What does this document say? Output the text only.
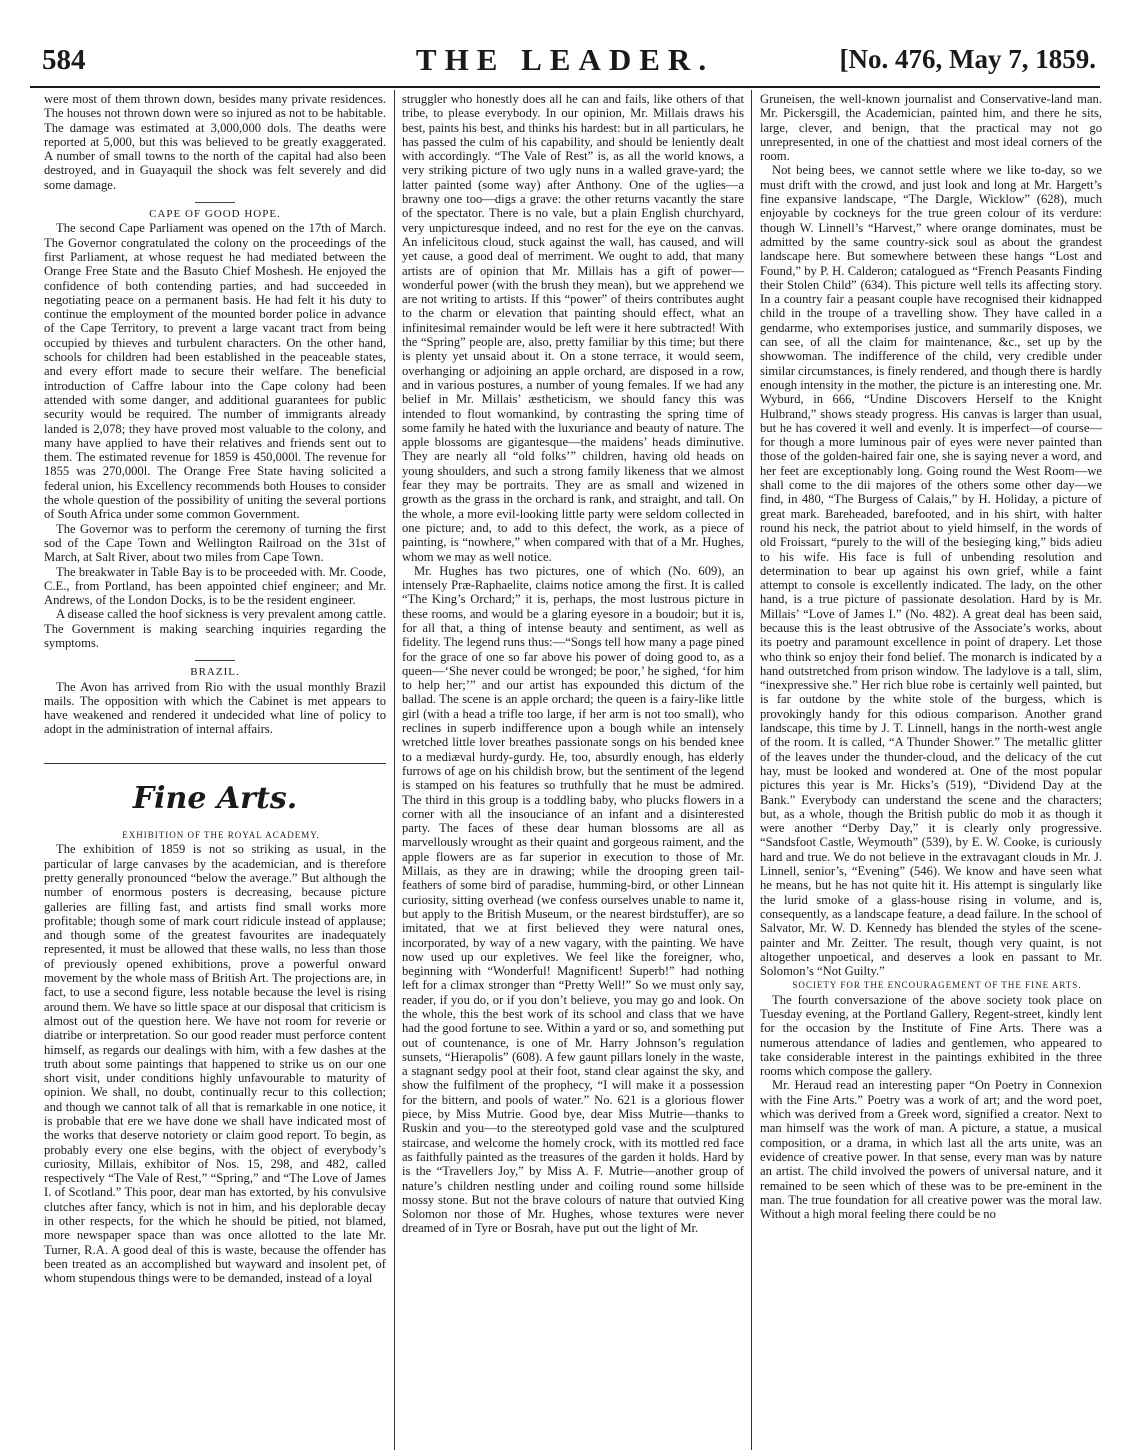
584	THE LEADER.	[No. 476, May 7, 1859.

were most of them thrown down, besides many private residences. The houses not thrown down were so injured as not to be habitable. The damage was estimated at 3,000,000 dols. The deaths were reported at 5,000, but this was believed to be greatly exaggerated. A number of small towns to the north of the capital had also been destroyed, and in Guayaquil the shock was felt severely and did some damage.

CAPE OF GOOD HOPE.

The second Cape Parliament was opened on the 17th of March. The Governor congratulated the colony on the proceedings of the first Parliament, at whose request he had mediated between the Orange Free State and the Basuto Chief Moshesh. He enjoyed the confidence of both contending parties, and had succeeded in negotiating peace on a permanent basis. He had felt it his duty to continue the employment of the mounted border police in advance of the Cape Territory, to prevent a large vacant tract from being occupied by thieves and turbulent characters. On the other hand, schools for children had been established in the peaceable states, and every effort made to secure their welfare. The beneficial introduction of Caffre labour into the Cape colony had been attended with some danger, and additional guarantees for public security would be required. The number of immigrants already landed is 2,078; they have proved most valuable to the colony, and many have applied to have their relatives and friends sent out to them. The estimated revenue for 1859 is 450,000l. The revenue for 1855 was 270,000l. The Orange Free State having solicited a federal union, his Excellency recommends both Houses to consider the whole question of the possibility of uniting the several portions of South Africa under some common Government.

The Governor was to perform the ceremony of turning the first sod of the Cape Town and Wellington Railroad on the 31st of March, at Salt River, about two miles from Cape Town.

The breakwater in Table Bay is to be proceeded with. Mr. Coode, C.E., from Portland, has been appointed chief engineer; and Mr. Andrews, of the London Docks, is to be the resident engineer.

A disease called the hoof sickness is very prevalent among cattle. The Government is making searching inquiries regarding the symptoms.

BRAZIL.

The Avon has arrived from Rio with the usual monthly Brazil mails. The opposition with which the Cabinet is met appears to have weakened and rendered it undecided what line of policy to adopt in the administration of internal affairs.

Fine Arts.

EXHIBITION OF THE ROYAL ACADEMY.

The exhibition of 1859 is not so striking as usual, in the particular of large canvases by the academician, and is therefore pretty generally pronounced “below the average.” But although the number of enormous posters is decreasing, because picture galleries are filling fast, and artists find small works more profitable; though some of mark court ridicule instead of applause; and though some of the greatest favourites are inadequately represented, it must be allowed that these walls, no less than those of previously opened exhibitions, prove a powerful onward movement by the whole mass of British Art. The projections are, in fact, to use a second figure, less notable because the level is rising around them. We have so little space at our disposal that criticism is almost out of the question here. We have not room for reverie or diatribe or interpretation. So our good reader must perforce content himself, as regards our dealings with him, with a few dashes at the truth about some paintings that happened to strike us on our one short visit, under conditions highly unfavourable to maturity of opinion. We shall, no doubt, continually recur to this collection; and though we cannot talk of all that is remarkable in one notice, it is probable that ere we have done we shall have indicated most of the works that deserve notoriety or claim good report. To begin, as probably every one else begins, with the object of everybody’s curiosity, Millais, exhibitor of Nos. 15, 298, and 482, called respectively “The Vale of Rest,” “Spring,” and “The Love of James I. of Scotland.” This poor, dear man has extorted, by his convulsive clutches after fancy, which is not in him, and his deplorable decay in other respects, for the which he should be pitied, not blamed, more newspaper space than was once allotted to the late Mr. Turner, R.A. A good deal of this is waste, because the offender has been treated as an accomplished but wayward and insolent pet, of whom stupendous things were to be demanded, instead of a loyal

struggler who honestly does all he can and fails, like others of that tribe, to please everybody. In our opinion, Mr. Millais draws his best, paints his best, and thinks his hardest: but in all particulars, he has passed the culm of his capability, and should be leniently dealt with accordingly. “The Vale of Rest” is, as all the world knows, a very striking picture of two ugly nuns in a walled grave-yard; the latter painted (some way) after Anthony. One of the uglies—a brawny one too—digs a grave: the other returns vacantly the stare of the spectator. There is no vale, but a plain English churchyard, very unpicturesque indeed, and no rest for the eye on the canvas. An infelicitous cloud, stuck against the wall, has caused, and will yet cause, a good deal of merriment. We ought to add, that many artists are of opinion that Mr. Millais has a gift of power—wonderful power (with the brush they mean), but we apprehend we are not writing to artists. If this “power” of theirs contributes aught to the charm or elevation that painting should effect, what an infinitesimal remainder would be left were it here subtracted! With the “Spring” people are, also, pretty familiar by this time; but there is plenty yet unsaid about it. On a stone terrace, it would seem, overhanging or adjoining an apple orchard, are disposed in a row, and in various postures, a number of young females. If we had any belief in Mr. Millais’ æstheticism, we should fancy this was intended to flout womankind, by contrasting the spring time of some family he hated with the luxuriance and beauty of nature. The apple blossoms are gigantesque—the maidens’ heads diminutive. They are nearly all “old folks’” children, having old heads on young shoulders, and such a strong family likeness that we almost fear they may be portraits. They are as small and wizened in growth as the grass in the orchard is rank, and straight, and tall. On the whole, a more evil-looking little party were seldom collected in one picture; and, to add to this defect, the work, as a piece of painting, is “nowhere,” when compared with that of a Mr. Hughes, whom we may as well notice.

Mr. Hughes has two pictures, one of which (No. 609), an intensely Præ-Raphaelite, claims notice among the first. It is called “The King’s Orchard;” it is, perhaps, the most lustrous picture in these rooms, and would be a glaring eyesore in a boudoir; but it is, for all that, a thing of intense beauty and sentiment, as well as fidelity. The legend runs thus:—“Songs tell how many a page pined for the grace of one so far above his power of doing good to, as a queen—‘She never could be wronged; be poor,’ he sighed, ‘for him to help her;’” and our artist has expounded this dictum of the ballad. The scene is an apple orchard; the queen is a fairy-like little girl (with a head a trifle too large, if her arm is not too small), who reclines in superb indifference upon a bough while an intensely wretched little lover breathes passionate songs on his bended knee to a mediæval hurdy-gurdy. He, too, absurdly enough, has elderly furrows of age on his childish brow, but the sentiment of the legend is stamped on his features so truthfully that he must be admired. The third in this group is a toddling baby, who plucks flowers in a corner with all the insouciance of an infant and a disinterested party. The faces of these dear human blossoms are all as marvellously wrought as their quaint and gorgeous raiment, and the apple flowers are as far superior in execution to those of Mr. Millais, as they are in drawing; while the drooping green tail-feathers of some bird of paradise, humming-bird, or other Linnean curiosity, sitting overhead (we confess ourselves unable to name it, but apply to the British Museum, or the nearest birdstuffer), are so imitated, that we at first believed they were natural ones, incorporated, by way of a new vagary, with the painting. We have now used up our expletives. We feel like the foreigner, who, beginning with “Wonderful! Magnificent! Superb!” had nothing left for a climax stronger than “Pretty Well!” So we must only say, reader, if you do, or if you don’t believe, you may go and look. On the whole, this the best work of its school and class that we have had the good fortune to see. Within a yard or so, and something put out of countenance, is one of Mr. Harry Johnson’s regulation sunsets, “Hierapolis” (608). A few gaunt pillars lonely in the waste, a stagnant sedgy pool at their foot, stand clear against the sky, and show the fulfilment of the prophecy, “I will make it a possession for the bittern, and pools of water.” No. 621 is a glorious flower piece, by Miss Mutrie. Good bye, dear Miss Mutrie—thanks to Ruskin and you—to the stereotyped gold vase and the sculptured staircase, and welcome the homely crock, with its mottled red face as faithfully painted as the treasures of the garden it holds. Hard by is the “Travellers Joy,” by Miss A. F. Mutrie—another group of nature’s children nestling under and coiling round some hillside mossy stone. But not the brave colours of nature that outvied King Solomon nor those of Mr. Hughes, whose textures were never dreamed of in Tyre or Bosrah, have put out the light of Mr.

Gruneisen, the well-known journalist and Conservative-land man. Mr. Pickersgill, the Academician, painted him, and there he sits, large, clever, and benign, that the practical may not go unrepresented, in one of the chattiest and most ideal corners of the room.

Not being bees, we cannot settle where we like to-day, so we must drift with the crowd, and just look and long at Mr. Hargett’s fine expansive landscape, “The Dargle, Wicklow” (628), much enjoyable by cockneys for the true green colour of its verdure: though W. Linnell’s “Harvest,” where orange dominates, must be admitted by the same country-sick soul as about the grandest landscape here. But somewhere between these hangs “Lost and Found,” by P. H. Calderon; catalogued as “French Peasants Finding their Stolen Child” (634). This picture well tells its affecting story. In a country fair a peasant couple have recognised their kidnapped child in the troupe of a travelling show. They have called in a gendarme, who extemporises justice, and summarily disposes, we can see, of all the claim for maintenance, &c., set up by the showwoman. The indifference of the child, very credible under similar circumstances, is finely rendered, and though there is hardly enough intensity in the mother, the picture is an interesting one. Mr. Wyburd, in 666, “Undine Discovers Herself to the Knight Hulbrand,” shows steady progress. His canvas is larger than usual, but he has covered it well and evenly. It is imperfect—of course—for though a more luminous pair of eyes were never painted than those of the golden-haired fair one, she is saying never a word, and her feet are exceptionably long. Going round the West Room—we shall come to the dii majores of the others some other day—we find, in 480, “The Burgess of Calais,” by H. Holiday, a picture of great mark. Bareheaded, barefooted, and in his shirt, with halter round his neck, the patriot about to yield himself, in the words of old Froissart, “purely to the will of the besieging king,” bids adieu to his wife. His face is full of unbending resolution and determination to bear up against his own grief, while a faint attempt to console is excellently indicated. The lady, on the other hand, is a true picture of passionate desolation. Hard by is Mr. Millais’ “Love of James I.” (No. 482). A great deal has been said, because this is the least obtrusive of the Associate’s works, about its poetry and paramount excellence in point of drapery. Let those who think so enjoy their fond belief. The monarch is indicated by a hand outstretched from prison window. The ladylove is a tall, slim, “inexpressive she.” Her rich blue robe is certainly well painted, but is far outdone by the white stole of the burgess, which is provokingly handy for this odious comparison. Another grand landscape, this time by J. T. Linnell, hangs in the north-west angle of the room. It is called, “A Thunder Shower.” The metallic glitter of the leaves under the thunder-cloud, and the delicacy of the cut hay, must be looked and wondered at. One of the most popular pictures this year is Mr. Hicks’s (519), “Dividend Day at the Bank.” Everybody can understand the scene and the characters; but, as a whole, though the British public do mob it as though it were another “Derby Day,” it is clearly only progressive. “Sandsfoot Castle, Weymouth” (539), by E. W. Cooke, is curiously hard and true. We do not believe in the extravagant clouds in Mr. J. Linnell, senior’s, “Evening” (546). We know and have seen what he means, but he has not quite hit it. His attempt is singularly like the lurid smoke of a glass-house rising in volume, and is, consequently, as a landscape feature, a dead failure. In the school of Salvator, Mr. W. D. Kennedy has blended the styles of the scene-painter and Mr. Zeitter. The result, though very quaint, is not altogether unpoetical, and deserves a look en passant to Mr. Solomon’s “Not Guilty.”

SOCIETY FOR THE ENCOURAGEMENT OF THE FINE ARTS.

The fourth conversazione of the above society took place on Tuesday evening, at the Portland Gallery, Regent-street, kindly lent for the occasion by the Institute of Fine Arts. There was a numerous attendance of ladies and gentlemen, who appeared to take considerable interest in the paintings exhibited in the three rooms which compose the gallery.

Mr. Heraud read an interesting paper “On Poetry in Connexion with the Fine Arts.” Poetry was a work of art; and the word poet, which was derived from a Greek word, signified a creator. Next to man himself was the work of man. A picture, a statue, a musical composition, or a drama, in which last all the arts unite, was an evidence of creative power. In that sense, every man was by nature an artist. The child involved the powers of universal nature, and it remained to be seen which of these was to be pre-eminent in the man. The true foundation for all creative power was the moral law. Without a high moral feeling there could be no
